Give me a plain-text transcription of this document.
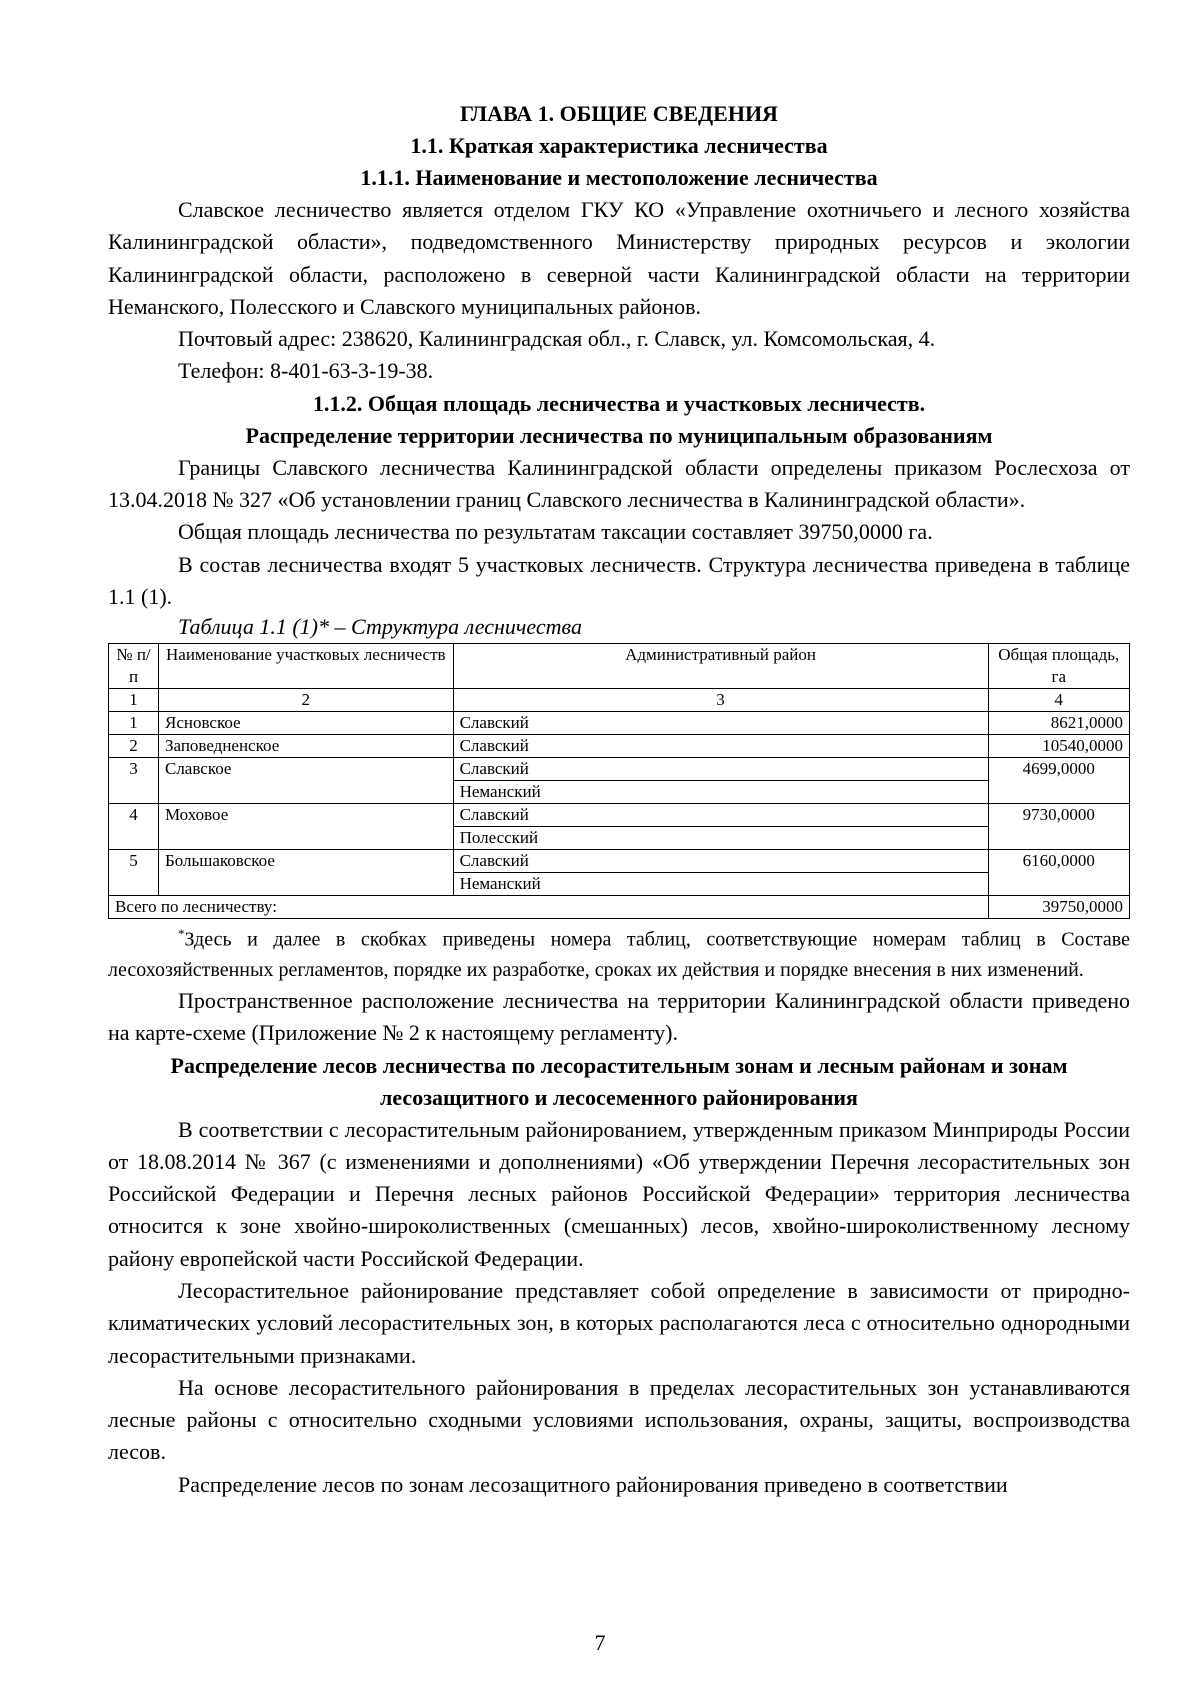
ГЛАВА 1. ОБЩИЕ СВЕДЕНИЯ
1.1. Краткая характеристика лесничества
1.1.1. Наименование и местоположение лесничества

Славское лесничество является отделом ГКУ КО «Управление охотничьего и лесного хозяйства Калининградской области», подведомственного Министерству природных ресурсов и экологии Калининградской области, расположено в северной части Калининградской области на территории Неманского, Полесского и Славского муниципальных районов.

Почтовый адрес: 238620, Калининградская обл., г. Славск, ул. Комсомольская, 4.

Телефон: 8-401-63-3-19-38.

1.1.2. Общая площадь лесничества и участковых лесничеств.
Распределение территории лесничества по муниципальным образованиям

Границы Славского лесничества Калининградской области определены приказом Рослесхоза от 13.04.2018 № 327 «Об установлении границ Славского лесничества в Калининградской области».

Общая площадь лесничества по результатам таксации составляет 39750,0000 га.

В состав лесничества входят 5 участковых лесничеств. Структура лесничества приведена в таблице 1.1 (1).

Таблица 1.1 (1)* – Структура лесничества
№ п/п	Наименование участковых лесничеств	Административный район	Общая площадь, га
1	2	3	4
1	Ясновское	Славский	8621,0000
2	Заповедненское	Славский	10540,0000
3	Славское	Славский	4699,0000
		Неманский	
4	Моховое	Славский	9730,0000
		Полесский	
5	Большаковское	Славский	6160,0000
		Неманский	
Всего по лесничеству:			39750,0000

*Здесь и далее в скобках приведены номера таблиц, соответствующие номерам таблиц в Составе лесохозяйственных регламентов, порядке их разработке, сроках их действия и порядке внесения в них изменений.

Пространственное расположение лесничества на территории Калининградской области приведено на карте-схеме (Приложение № 2 к настоящему регламенту).

Распределение лесов лесничества по лесорастительным зонам и лесным районам и зонам лесозащитного и лесосеменного районирования

В соответствии с лесорастительным районированием, утвержденным приказом Минприроды России от 18.08.2014 № 367 (с изменениями и дополнениями) «Об утверждении Перечня лесорастительных зон Российской Федерации и Перечня лесных районов Российской Федерации» территория лесничества относится к зоне хвойно-широколиственных (смешанных) лесов, хвойно-широколиственному лесному району европейской части Российской Федерации.

Лесорастительное районирование представляет собой определение в зависимости от природно-климатических условий лесорастительных зон, в которых располагаются леса с относительно однородными лесорастительными признаками.

На основе лесорастительного районирования в пределах лесорастительных зон устанавливаются лесные районы с относительно сходными условиями использования, охраны, защиты, воспроизводства лесов.

Распределение лесов по зонам лесозащитного районирования приведено в соответствии

7
